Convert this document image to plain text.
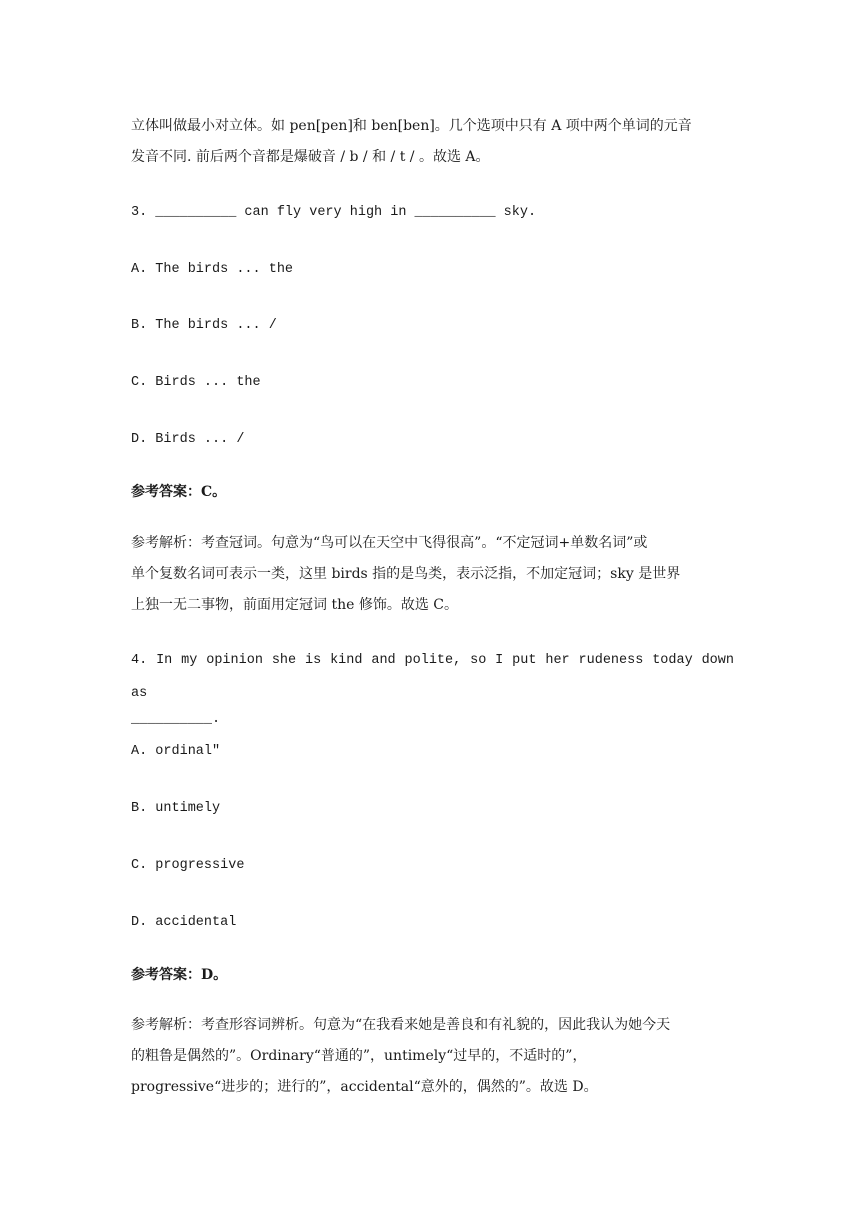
立体叫做最小对立体。如 pen[pen]和 ben[ben]。几个选项中只有 A 项中两个单词的元音

发音不同. 前后两个音都是爆破音 / b / 和 / t / 。故选 A。

3. __________ can fly very high in __________ sky.

A. The birds ... the

B. The birds ... /

C. Birds ... the

D. Birds ... /

参考答案：C。

参考解析：考查冠词。句意为“鸟可以在天空中飞得很高”。“不定冠词+单数名词”或

单个复数名词可表示一类，这里 birds 指的是鸟类，表示泛指，不加定冠词；sky 是世界

上独一无二事物，前面用定冠词 the 修饰。故选 C。

4. In my opinion she is kind and polite, so I put her rudeness today down as

__________.

A. ordinal″

B. untimely

C. progressive

D. accidental

参考答案：D。

参考解析：考查形容词辨析。句意为“在我看来她是善良和有礼貌的，因此我认为她今天

的粗鲁是偶然的”。Ordinary“普通的”，untimely“过早的，不适时的”，

progressive“进步的；进行的”，accidental“意外的，偶然的”。故选 D。
